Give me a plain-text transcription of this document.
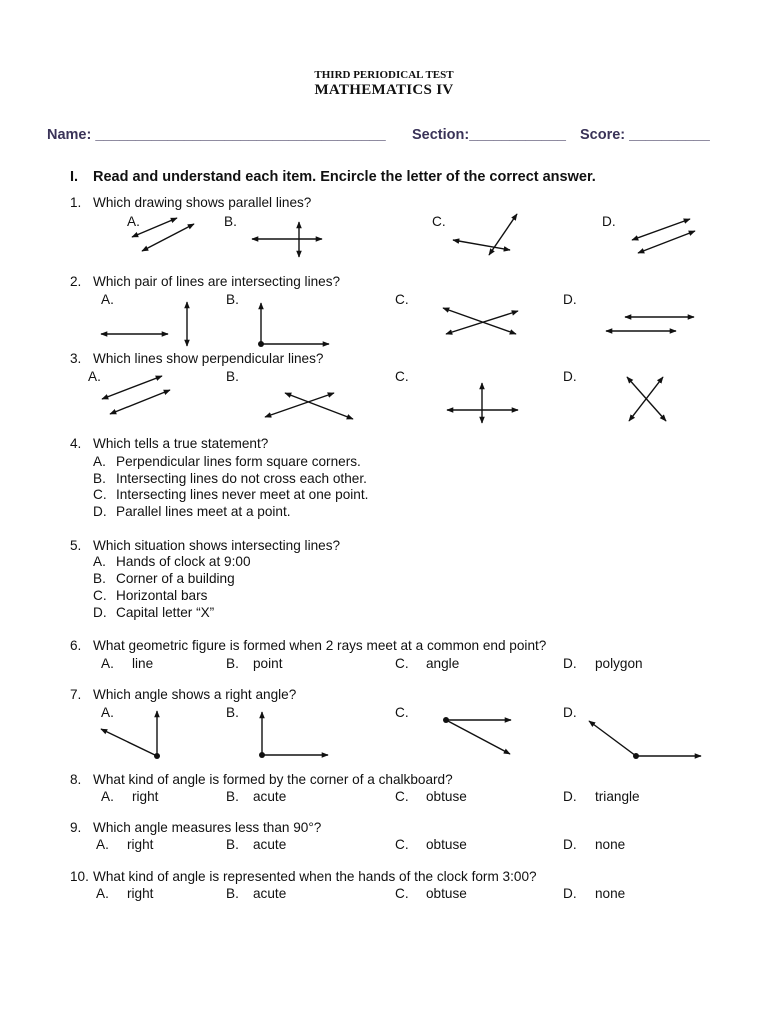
THIRD PERIODICAL TEST
MATHEMATICS IV
Name: ____________________________________ Section:____________ Score: __________
I. Read and understand each item. Encircle the letter of the correct answer.
1. Which drawing shows parallel lines?
A.	B.	C.	D.
2. Which pair of lines are intersecting lines?
A.	B.	C.	D.
3. Which lines show perpendicular lines?
A.	B.	C.	D.
4. Which tells a true statement?
A. Perpendicular lines form square corners.
B. Intersecting lines do not cross each other.
C. Intersecting lines never meet at one point.
D. Parallel lines meet at a point.
5. Which situation shows intersecting lines?
A. Hands of clock at 9:00
B. Corner of a building
C. Horizontal bars
D. Capital letter “X”
6. What geometric figure is formed when 2 rays meet at a common end point?
A. line	B. point	C. angle	D. polygon
7. Which angle shows a right angle?
A.	B.	C.	D.
8. What kind of angle is formed by the corner of a chalkboard?
A. right	B. acute	C. obtuse	D. triangle
9. Which angle measures less than 90°?
A. right	B. acute	C. obtuse	D. none
10. What kind of angle is represented when the hands of the clock form 3:00?
A. right	B. acute	C. obtuse	D. none
